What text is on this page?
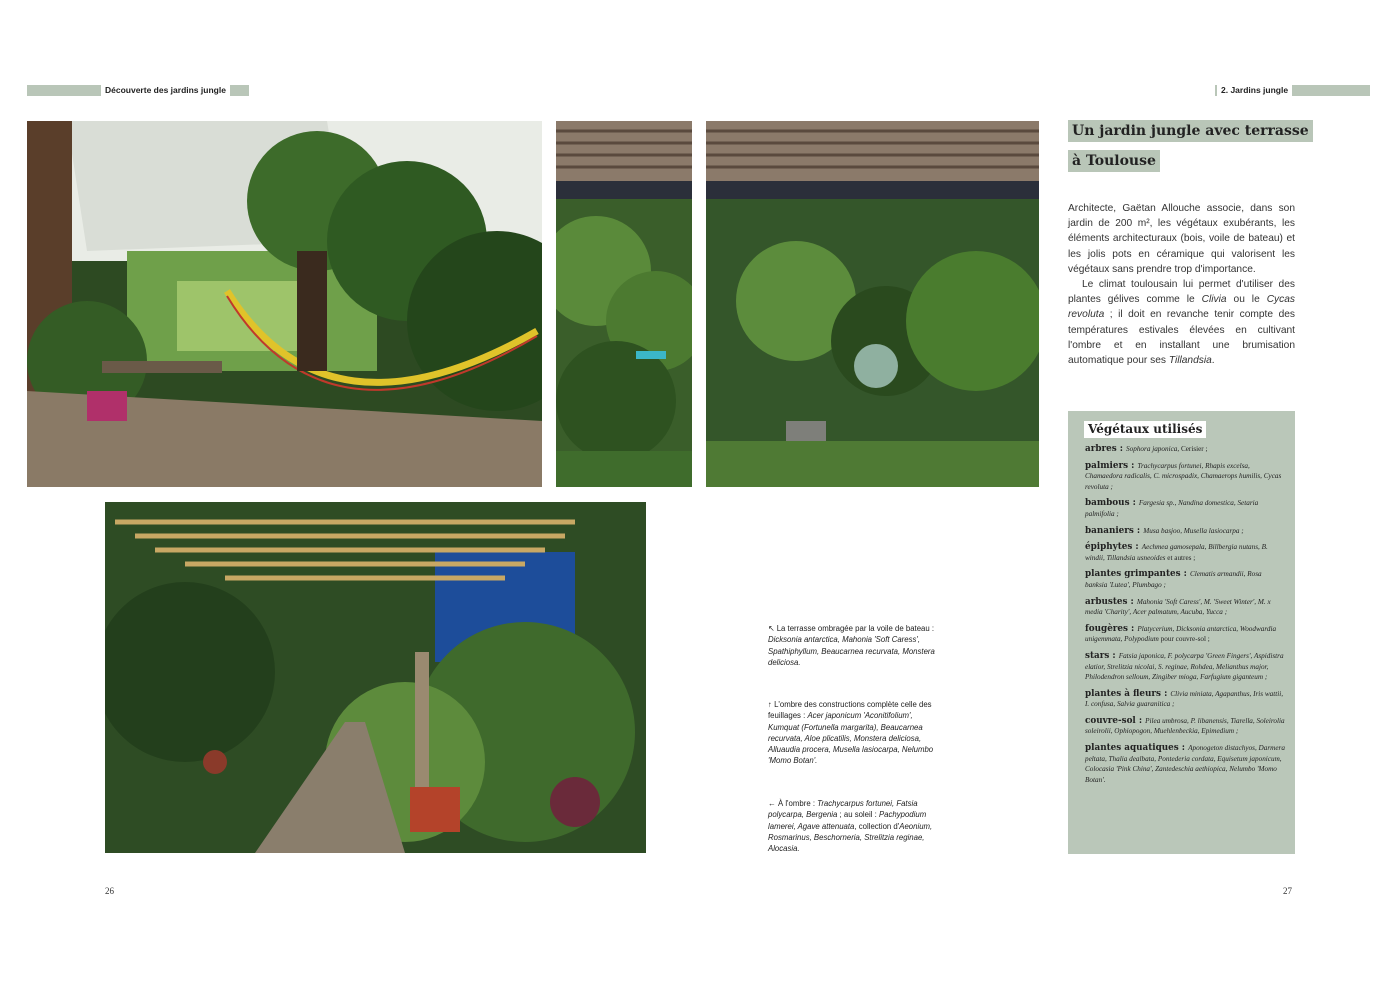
Découverte des jardins jungle	2. Jardins jungle
Un jardin jungle avec terrasse
à Toulouse

Architecte, Gaëtan Allouche associe, dans son jardin de 200 m², les végétaux exubérants, les éléments architecturaux (bois, voile de bateau) et les jolis pots en céramique qui valorisent les végétaux sans prendre trop d'importance.

Le climat toulousain lui permet d'utiliser des plantes gélives comme le Clivia ou le Cycas revoluta ; il doit en revanche tenir compte des températures estivales élevées en cultivant l'ombre et en installant une brumisation automatique pour ses Tillandsia.

↖ La terrasse ombragée par la voile de bateau : Dicksonia antarctica, Mahonia 'Soft Caress', Spathiphyllum, Beaucarnea recurvata, Monstera deliciosa.
↑ L'ombre des constructions complète celle des feuillages : Acer japonicum 'Aconitifolium', Kumquat (Fortunella margarita), Beaucarnea recurvata, Aloe plicatilis, Monstera deliciosa, Alluaudia procera, Musella lasiocarpa, Nelumbo 'Momo Botan'.
← À l'ombre : Trachycarpus fortunei, Fatsia polycarpa, Bergenia ; au soleil : Pachypodium lamerei, Agave attenuata, collection d'Aeonium, Rosmarinus, Beschorneria, Strelitzia reginae, Alocasia.
Végétaux utilisés
arbres : Sophora japonica, Cerisier ;
palmiers : Trachycarpus fortunei, Rhapis excelsa, Chamaedora radicalis, C. microspadix, Chamaerops humilis, Cycas revoluta ;
bambous : Fargesia sp., Nandina domestica, Setaria palmifolia ;
bananiers : Musa basjoo, Musella lasiocarpa ;
épiphytes : Aechmea gamosepala, Billbergia nutans, B. windii, Tillandsia usneoides et autres ;
plantes grimpantes : Clematis armandii, Rosa banksia 'Lutea', Plumbago ;
arbustes : Mahonia 'Soft Caress', M. 'Sweet Winter', M. x media 'Charity', Acer palmatum, Aucuba, Yucca ;
fougères : Platycerium, Dicksonia antarctica, Woodwardia unigemmata, Polypodium pour couvre-sol ;
stars : Fatsia japonica, F. polycarpa 'Green Fingers', Aspidistra elatior, Strelitzia nicolai, S. reginae, Rohdea, Melianthus major, Philodendron selloum, Zingiber mioga, Farfugium giganteum ;
plantes à fleurs : Clivia miniata, Agapanthus, Iris wattii, I. confusa, Salvia guaranitica ;
couvre-sol : Pilea umbrosa, P. libanensis, Tiarella, Soleirolia soleirolii, Ophiopogon, Muehlenbeckia, Epimedium ;
plantes aquatiques : Aponogeton distachyos, Darmera peltata, Thalia dealbata, Pontederia cordata, Equisetum japonicum, Colocasia 'Pink China', Zantedeschia aethiopica, Nelumbo 'Momo Botan'.
26	27
